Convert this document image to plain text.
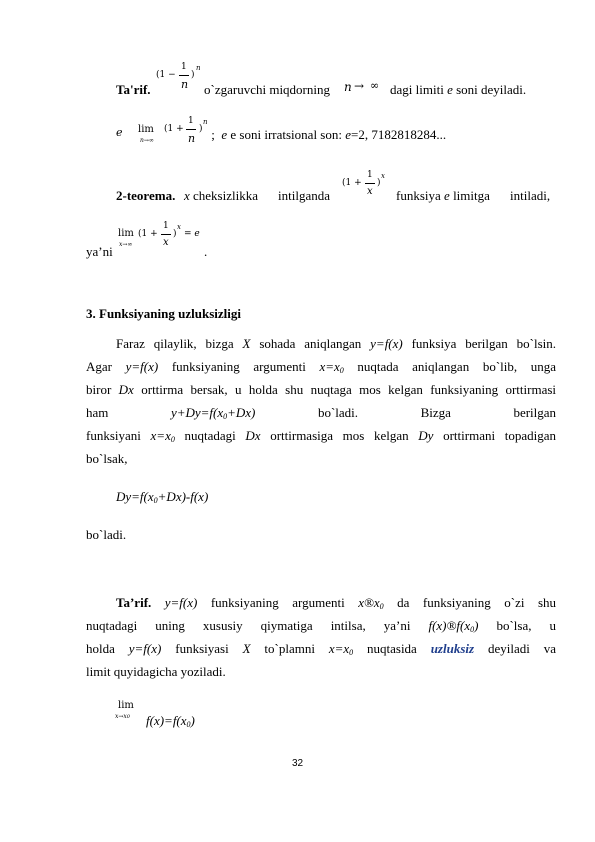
Ta'rif.
(1 −
1
n
)
n
o`zgaruvchi miqdorning n → ∞ dagi limiti e soni deyiladi.
e lim
n→∞
(1 +
1
n
)
n
; e e soni irratsional son: e=2, 7182818284...
2-teorema. x cheksizlikka intilganda
(1 +
1
x
)
x
funksiya e limitga intiladi,
ya’ni
lim
x→∞
(1 +
1
x
)
x
= e
.
3. Funksiyaning uzluksizligi
Faraz qilaylik, bizga X sohada aniqlangan y=f(x) funksiya berilgan bo`lsin.
Agar y=f(x) funksiyaning argumenti $x=x_0$ nuqtada aniqlangan bo`lib, unga
biror Dx orttirma bersak, u holda shu nuqtaga mos kelgan funksiyaning orttirmasi
ham	$y+Dy=f(x_0+Dx)$	bo`ladi.	Bizga	berilgan
funksiyani $x=x_0$ nuqtadagi Dx orttirmasiga mos kelgan Dy orttirmani topadigan
bo`lsak,
$Dy=f(x_0+Dx)-f(x)$
bo`ladi.
Ta’rif. y=f(x) funksiyaning argumenti $x®x_0$ da funksiyaning o`zi shu
nuqtadagi uning xususiy qiymatiga intilsa, ya’ni $f(x)®f(x_0)$ bo`lsa, u
holda y=f(x) funksiyasi X to`plamni $x=x_0$ nuqtasida uzluksiz deyiladi va
limit quyidagicha yoziladi.
lim
x→x0 $f(x)=f(x_0)$
32
